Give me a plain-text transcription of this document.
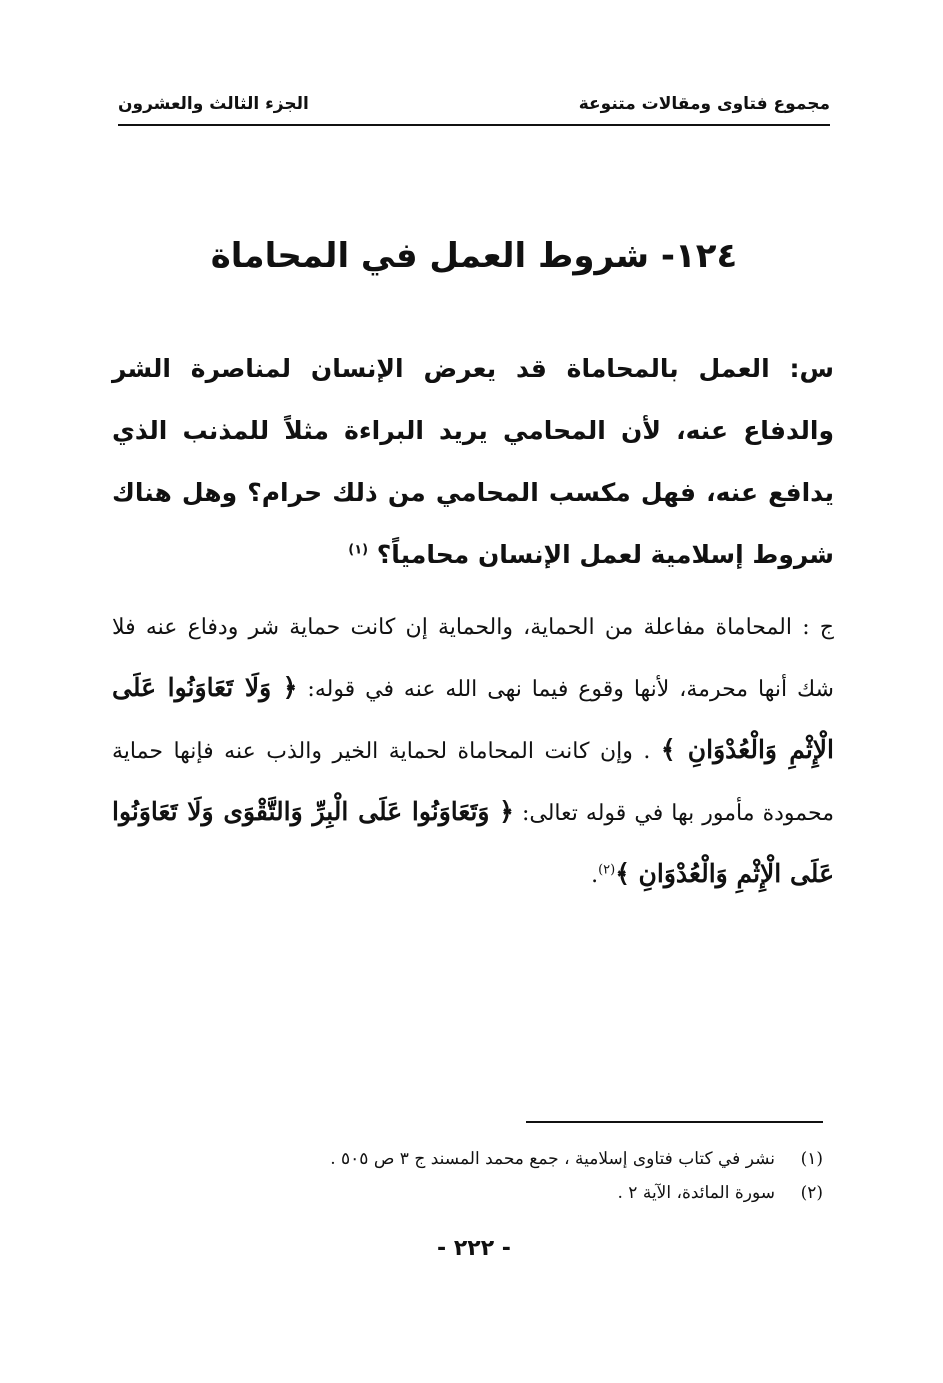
مجموع فتاوى ومقالات متنوعة
الجزء الثالث والعشرون
١٢٤- شروط العمل في المحاماة

س: العمل بالمحاماة قد يعرض الإنسان لمناصرة الشر والدفاع عنه، لأن المحامي يريد البراءة مثلاً للمذنب الذي يدافع عنه، فهل مكسب المحامي من ذلك حرام؟ وهل هناك شروط إسلامية لعمل الإنسان محامياً؟ $^{(١)}$

ج : المحاماة مفاعلة من الحماية، والحماية إن كانت حماية شر ودفاع عنه فلا شك أنها محرمة، لأنها وقوع فيما نهى الله عنه في قوله: ﴿ وَلَا تَعَاوَنُوا عَلَى الْإِثْمِ وَالْعُدْوَانِ ﴾ . وإن كانت المحاماة لحماية الخير والذب عنه فإنها حماية محمودة مأمور بها في قوله تعالى: ﴿ وَتَعَاوَنُوا عَلَى الْبِرِّ وَالتَّقْوَى وَلَا تَعَاوَنُوا عَلَى الْإِثْمِ وَالْعُدْوَانِ ﴾$^{(٢)}$.

(١)
نشر في كتاب فتاوى إسلامية ، جمع محمد المسند ج ٣ ص ٥٠٥ .
(٢)
سورة المائدة، الآية ٢ .
- ٢٢٢ -
